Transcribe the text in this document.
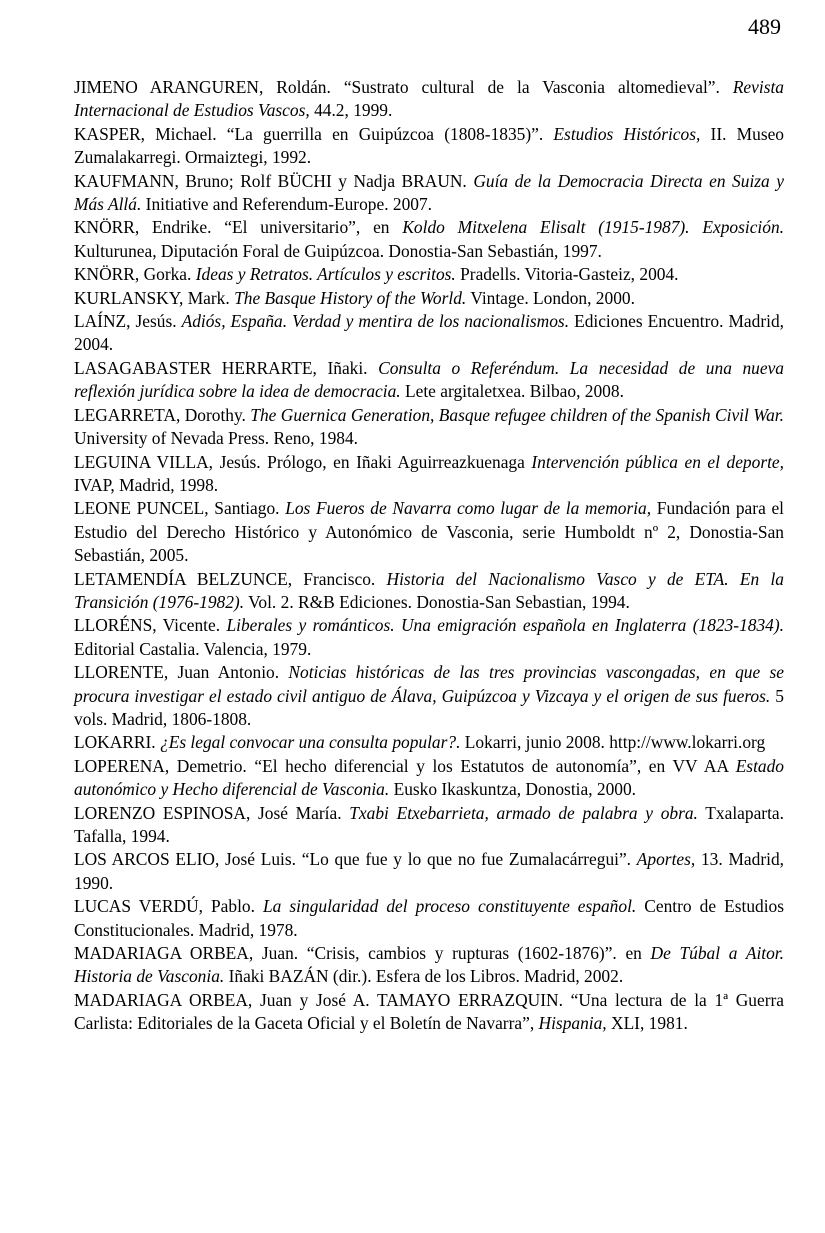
489

JIMENO ARANGUREN, Roldán. “Sustrato cultural de la Vasconia altomedieval”. Revista Internacional de Estudios Vascos, 44.2, 1999.

KASPER, Michael. “La guerrilla en Guipúzcoa (1808-1835)”. Estudios Históricos, II. Museo Zumalakarregi. Ormaiztegi, 1992.

KAUFMANN, Bruno; Rolf BÜCHI y Nadja BRAUN. Guía de la Democracia Directa en Suiza y Más Allá. Initiative and Referendum-Europe. 2007.

KNÖRR, Endrike. “El universitario”, en Koldo Mitxelena Elisalt (1915-1987). Exposición. Kulturunea, Diputación Foral de Guipúzcoa. Donostia-San Sebastián, 1997.

KNÖRR, Gorka. Ideas y Retratos. Artículos y escritos. Pradells. Vitoria-Gasteiz, 2004.

KURLANSKY, Mark. The Basque History of the World. Vintage. London, 2000.

LAÍNZ, Jesús. Adiós, España. Verdad y mentira de los nacionalismos. Ediciones Encuentro. Madrid, 2004.

LASAGABASTER HERRARTE, Iñaki. Consulta o Referéndum. La necesidad de una nueva reflexión jurídica sobre la idea de democracia. Lete argitaletxea. Bilbao, 2008.

LEGARRETA, Dorothy. The Guernica Generation, Basque refugee children of the Spanish Civil War. University of Nevada Press. Reno, 1984.

LEGUINA VILLA, Jesús. Prólogo, en Iñaki Aguirreazkuenaga Intervención pública en el deporte, IVAP, Madrid, 1998.

LEONE PUNCEL, Santiago. Los Fueros de Navarra como lugar de la memoria, Fundación para el Estudio del Derecho Histórico y Autonómico de Vasconia, serie Humboldt nº 2, Donostia-San Sebastián, 2005.

LETAMENDÍA BELZUNCE, Francisco. Historia del Nacionalismo Vasco y de ETA. En la Transición (1976-1982). Vol. 2. R&B Ediciones. Donostia-San Sebastian, 1994.

LLORÉNS, Vicente. Liberales y románticos. Una emigración española en Inglaterra (1823-1834). Editorial Castalia. Valencia, 1979.

LLORENTE, Juan Antonio. Noticias históricas de las tres provincias vascongadas, en que se procura investigar el estado civil antiguo de Álava, Guipúzcoa y Vizcaya y el origen de sus fueros. 5 vols. Madrid, 1806-1808.

LOKARRI. ¿Es legal convocar una consulta popular?. Lokarri, junio 2008. http://www.lokarri.org

LOPERENA, Demetrio. “El hecho diferencial y los Estatutos de autonomía”, en VV AA Estado autonómico y Hecho diferencial de Vasconia. Eusko Ikaskuntza, Donostia, 2000.

LORENZO ESPINOSA, José María. Txabi Etxebarrieta, armado de palabra y obra. Txalaparta. Tafalla, 1994.

LOS ARCOS ELIO, José Luis. “Lo que fue y lo que no fue Zumalacárregui”. Aportes, 13. Madrid, 1990.

LUCAS VERDÚ, Pablo. La singularidad del proceso constituyente español. Centro de Estudios Constitucionales. Madrid, 1978.

MADARIAGA ORBEA, Juan. “Crisis, cambios y rupturas (1602-1876)”. en De Túbal a Aitor. Historia de Vasconia. Iñaki BAZÁN (dir.). Esfera de los Libros. Madrid, 2002.

MADARIAGA ORBEA, Juan y José A. TAMAYO ERRAZQUIN. “Una lectura de la 1ª Guerra Carlista: Editoriales de la Gaceta Oficial y el Boletín de Navarra”, Hispania, XLI, 1981.
